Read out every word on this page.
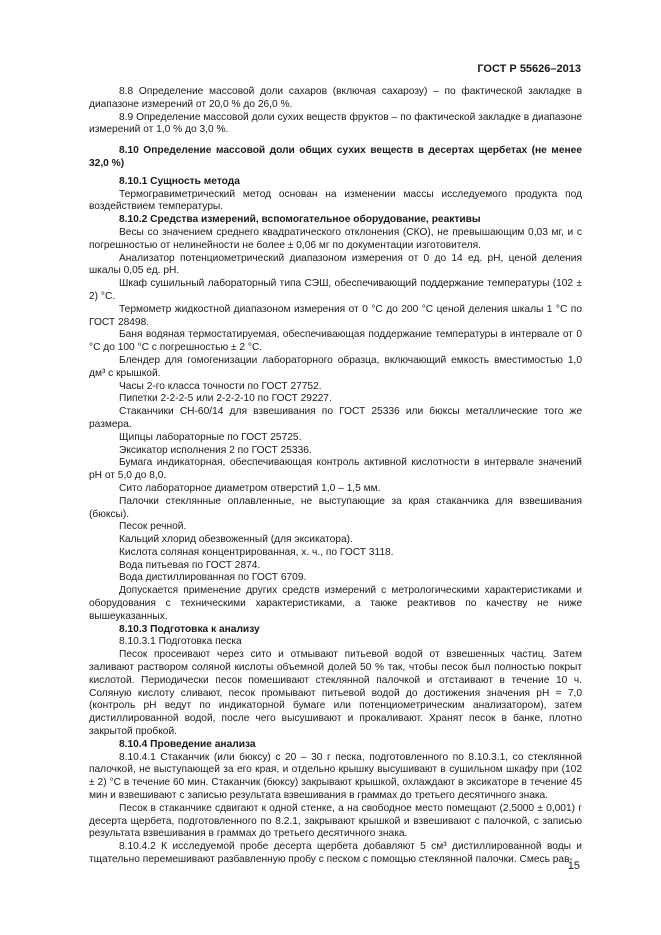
ГОСТ Р 55626–2013

8.8 Определение массовой доли сахаров (включая сахарозу) – по фактической закладке в диапазоне измерений от 20,0 % до 26,0 %.

8.9 Определение массовой доли сухих веществ фруктов – по фактической закладке в диапазоне измерений от 1,0 % до 3,0 %.

8.10 Определение массовой доли общих сухих веществ в десертах щербетах (не менее 32,0 %)

8.10.1 Сущность метода

Термогравиметрический метод основан на изменении массы исследуемого продукта под воздействием температуры.

8.10.2 Средства измерений, вспомогательное оборудование, реактивы

Весы со значением среднего квадратического отклонения (СКО), не превышающим 0,03 мг, и с погрешностью от нелинейности не более ± 0,06 мг по документации изготовителя.

Анализатор потенциометрический диапазоном измерения от 0 до 14 ед. рН, ценой деления шкалы 0,05 ед. рН.

Шкаф сушильный лабораторный типа СЭШ, обеспечивающий поддержание температуры (102 ± 2) °С.

Термометр жидкостной диапазоном измерения от 0 °С до 200 °С ценой деления шкалы 1 °С по ГОСТ 28498.

Баня водяная термостатируемая, обеспечивающая поддержание температуры в интервале от 0 °С до 100 °С с погрешностью ± 2 °С.

Блендер для гомогенизации лабораторного образца, включающий емкость вместимостью 1,0 дм³ с крышкой.

Часы 2-го класса точности по ГОСТ 27752.

Пипетки 2-2-2-5 или 2-2-2-10 по ГОСТ 29227.

Стаканчики СН-60/14 для взвешивания по ГОСТ 25336 или бюксы металлические того же размера.

Щипцы лабораторные по ГОСТ 25725.

Эксикатор исполнения 2 по ГОСТ 25336.

Бумага индикаторная, обеспечивающая контроль активной кислотности в интервале значений рН от 5,0 до 8,0.

Сито лабораторное диаметром отверстий 1,0 – 1,5 мм.

Палочки стеклянные оплавленные, не выступающие за края стаканчика для взвешивания (бюксы).

Песок речной.

Кальций хлорид обезвоженный (для эксикатора).

Кислота соляная концентрированная, х. ч., по ГОСТ 3118.

Вода питьевая по ГОСТ 2874.

Вода дистиллированная по ГОСТ 6709.

Допускается применение других средств измерений с метрологическими характеристиками и оборудования с техническими характеристиками, а также реактивов по качеству не ниже вышеуказанных.

8.10.3 Подготовка к анализу

8.10.3.1 Подготовка песка

Песок просеивают через сито и отмывают питьевой водой от взвешенных частиц. Затем заливают раствором соляной кислоты объемной долей 50 % так, чтобы песок был полностью покрыт кислотой. Периодически песок помешивают стеклянной палочкой и отстаивают в течение 10 ч. Соляную кислоту сливают, песок промывают питьевой водой до достижения значения рН = 7,0 (контроль рН ведут по индикаторной бумаге или потенциометрическим анализатором), затем дистиллированной водой, после чего высушивают и прокаливают. Хранят песок в банке, плотно закрытой пробкой.

8.10.4 Проведение анализа

8.10.4.1 Стаканчик (или бюксу) с 20 – 30 г песка, подготовленного по 8.10.3.1, со стеклянной палочкой, не выступающей за его края, и отдельно крышку высушивают в сушильном шкафу при (102 ± 2) °С в течение 60 мин. Стаканчик (бюксу) закрывают крышкой, охлаждают в эксикаторе в течение 45 мин и взвешивают с записью результата взвешивания в граммах до третьего десятичного знака.

Песок в стаканчике сдвигают к одной стенке, а на свободное место помещают (2,5000 ± 0,001) г десерта щербета, подготовленного по 8.2.1, закрывают крышкой и взвешивают с палочкой, с записью результата взвешивания в граммах до третьего десятичного знака.

8.10.4.2 К исследуемой пробе десерта щербета добавляют 5 см³ дистиллированной воды и тщательно перемешивают разбавленную пробу с песком с помощью стеклянной палочки. Смесь рав-

15
